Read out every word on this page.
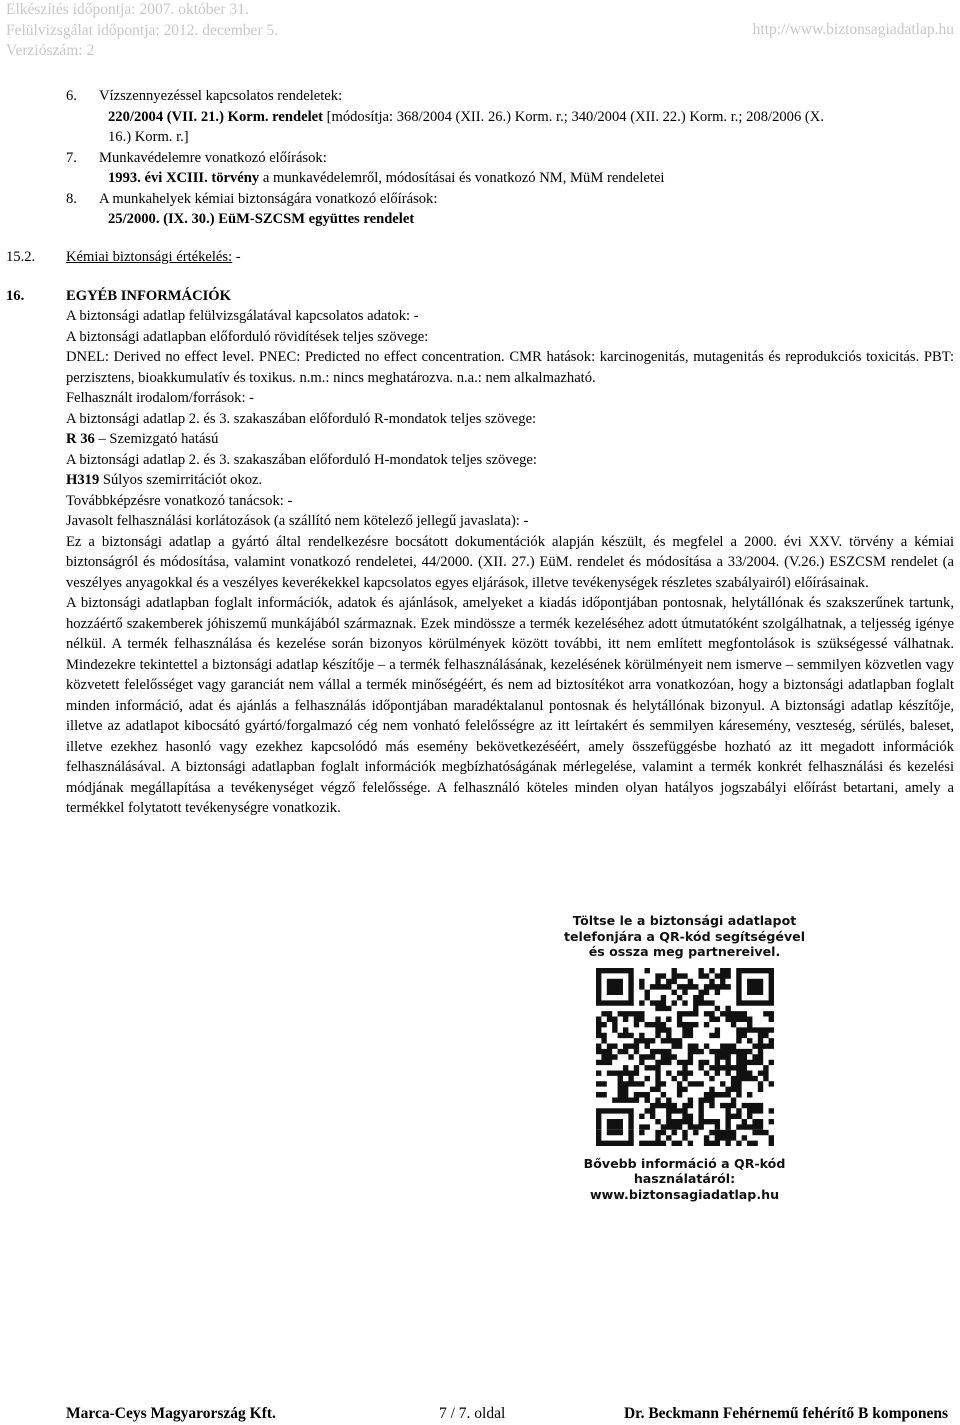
Elkészítés időpontja: 2007. október 31.
Felülvizsgálat időpontja: 2012. december 5.
Verziószám: 2
http://www.biztonsagiadatlap.hu
6. Vízszennyezéssel kapcsolatos rendeletek:
220/2004 (VII. 21.) Korm. rendelet [módosítja: 368/2004 (XII. 26.) Korm. r.; 340/2004 (XII. 22.) Korm. r.; 208/2006 (X.
16.) Korm. r.]
7. Munkavédelemre vonatkozó előírások:
1993. évi XCIII. törvény a munkavédelemről, módosításai és vonatkozó NM, MüM rendeletei
8. A munkahelyek kémiai biztonságára vonatkozó előírások:
25/2000. (IX. 30.) EüM-SZCSM együttes rendelet
15.2. Kémiai biztonsági értékelés: -
16.	EGYÉB INFORMÁCIÓK

A biztonsági adatlap felülvizsgálatával kapcsolatos adatok: -

A biztonsági adatlapban előforduló rövidítések teljes szövege:

DNEL: Derived no effect level. PNEC: Predicted no effect concentration. CMR hatások: karcinogenitás, mutagenitás és reprodukciós toxicitás. PBT: perzisztens, bioakkumulatív és toxikus. n.m.: nincs meghatározva. n.a.: nem alkalmazható.

Felhasznált irodalom/források: -

A biztonsági adatlap 2. és 3. szakaszában előforduló R-mondatok teljes szövege:

R 36 – Szemizgató hatású

A biztonsági adatlap 2. és 3. szakaszában előforduló H-mondatok teljes szövege:

H319 Súlyos szemirritációt okoz.

Továbbképzésre vonatkozó tanácsok: -

Javasolt felhasználási korlátozások (a szállító nem kötelező jellegű javaslata): -

Ez a biztonsági adatlap a gyártó által rendelkezésre bocsátott dokumentációk alapján készült, és megfelel a 2000. évi XXV. törvény a kémiai biztonságról és módosítása, valamint vonatkozó rendeletei, 44/2000. (XII. 27.) EüM. rendelet és módosítása a 33/2004. (V.26.) ESZCSM rendelet (a veszélyes anyagokkal és a veszélyes keverékekkel kapcsolatos egyes eljárások, illetve tevékenységek részletes szabályairól) előírásainak.

A biztonsági adatlapban foglalt információk, adatok és ajánlások, amelyeket a kiadás időpontjában pontosnak, helytállónak és szakszerűnek tartunk, hozzáértő szakemberek jóhiszemű munkájából származnak. Ezek mindössze a termék kezeléséhez adott útmutatóként szolgálhatnak, a teljesség igénye nélkül. A termék felhasználása és kezelése során bizonyos körülmények között további, itt nem említett megfontolások is szükségessé válhatnak. Mindezekre tekintettel a biztonsági adatlap készítője – a termék felhasználásának, kezelésének körülményeit nem ismerve – semmilyen közvetlen vagy közvetett felelősséget vagy garanciát nem vállal a termék minőségéért, és nem ad biztosítékot arra vonatkozóan, hogy a biztonsági adatlapban foglalt minden információ, adat és ajánlás a felhasználás időpontjában maradéktalanul pontosnak és helytállónak bizonyul. A biztonsági adatlap készítője, illetve az adatlapot kibocsátó gyártó/forgalmazó cég nem vonható felelősségre az itt leírtakért és semmilyen káresemény, veszteség, sérülés, baleset, illetve ezekhez hasonló vagy ezekhez kapcsolódó más esemény bekövetkezéséért, amely összefüggésbe hozható az itt megadott információk felhasználásával. A biztonsági adatlapban foglalt információk megbízhatóságának mérlegelése, valamint a termék konkrét felhasználási és kezelési módjának megállapítása a tevékenységet végző felelőssége. A felhasználó köteles minden olyan hatályos jogszabályi előírást betartani, amely a termékkel folytatott tevékenységre vonatkozik.

Töltse le a biztonsági adatlapot
telefonjára a QR-kód segítségével
és ossza meg partnereivel.
Bővebb információ a QR-kód
használatáról:
www.biztonsagiadatlap.hu
Marca-Ceys Magyarország Kft.	7 / 7. oldal	Dr. Beckmann Fehérnemű fehérítő B komponens
